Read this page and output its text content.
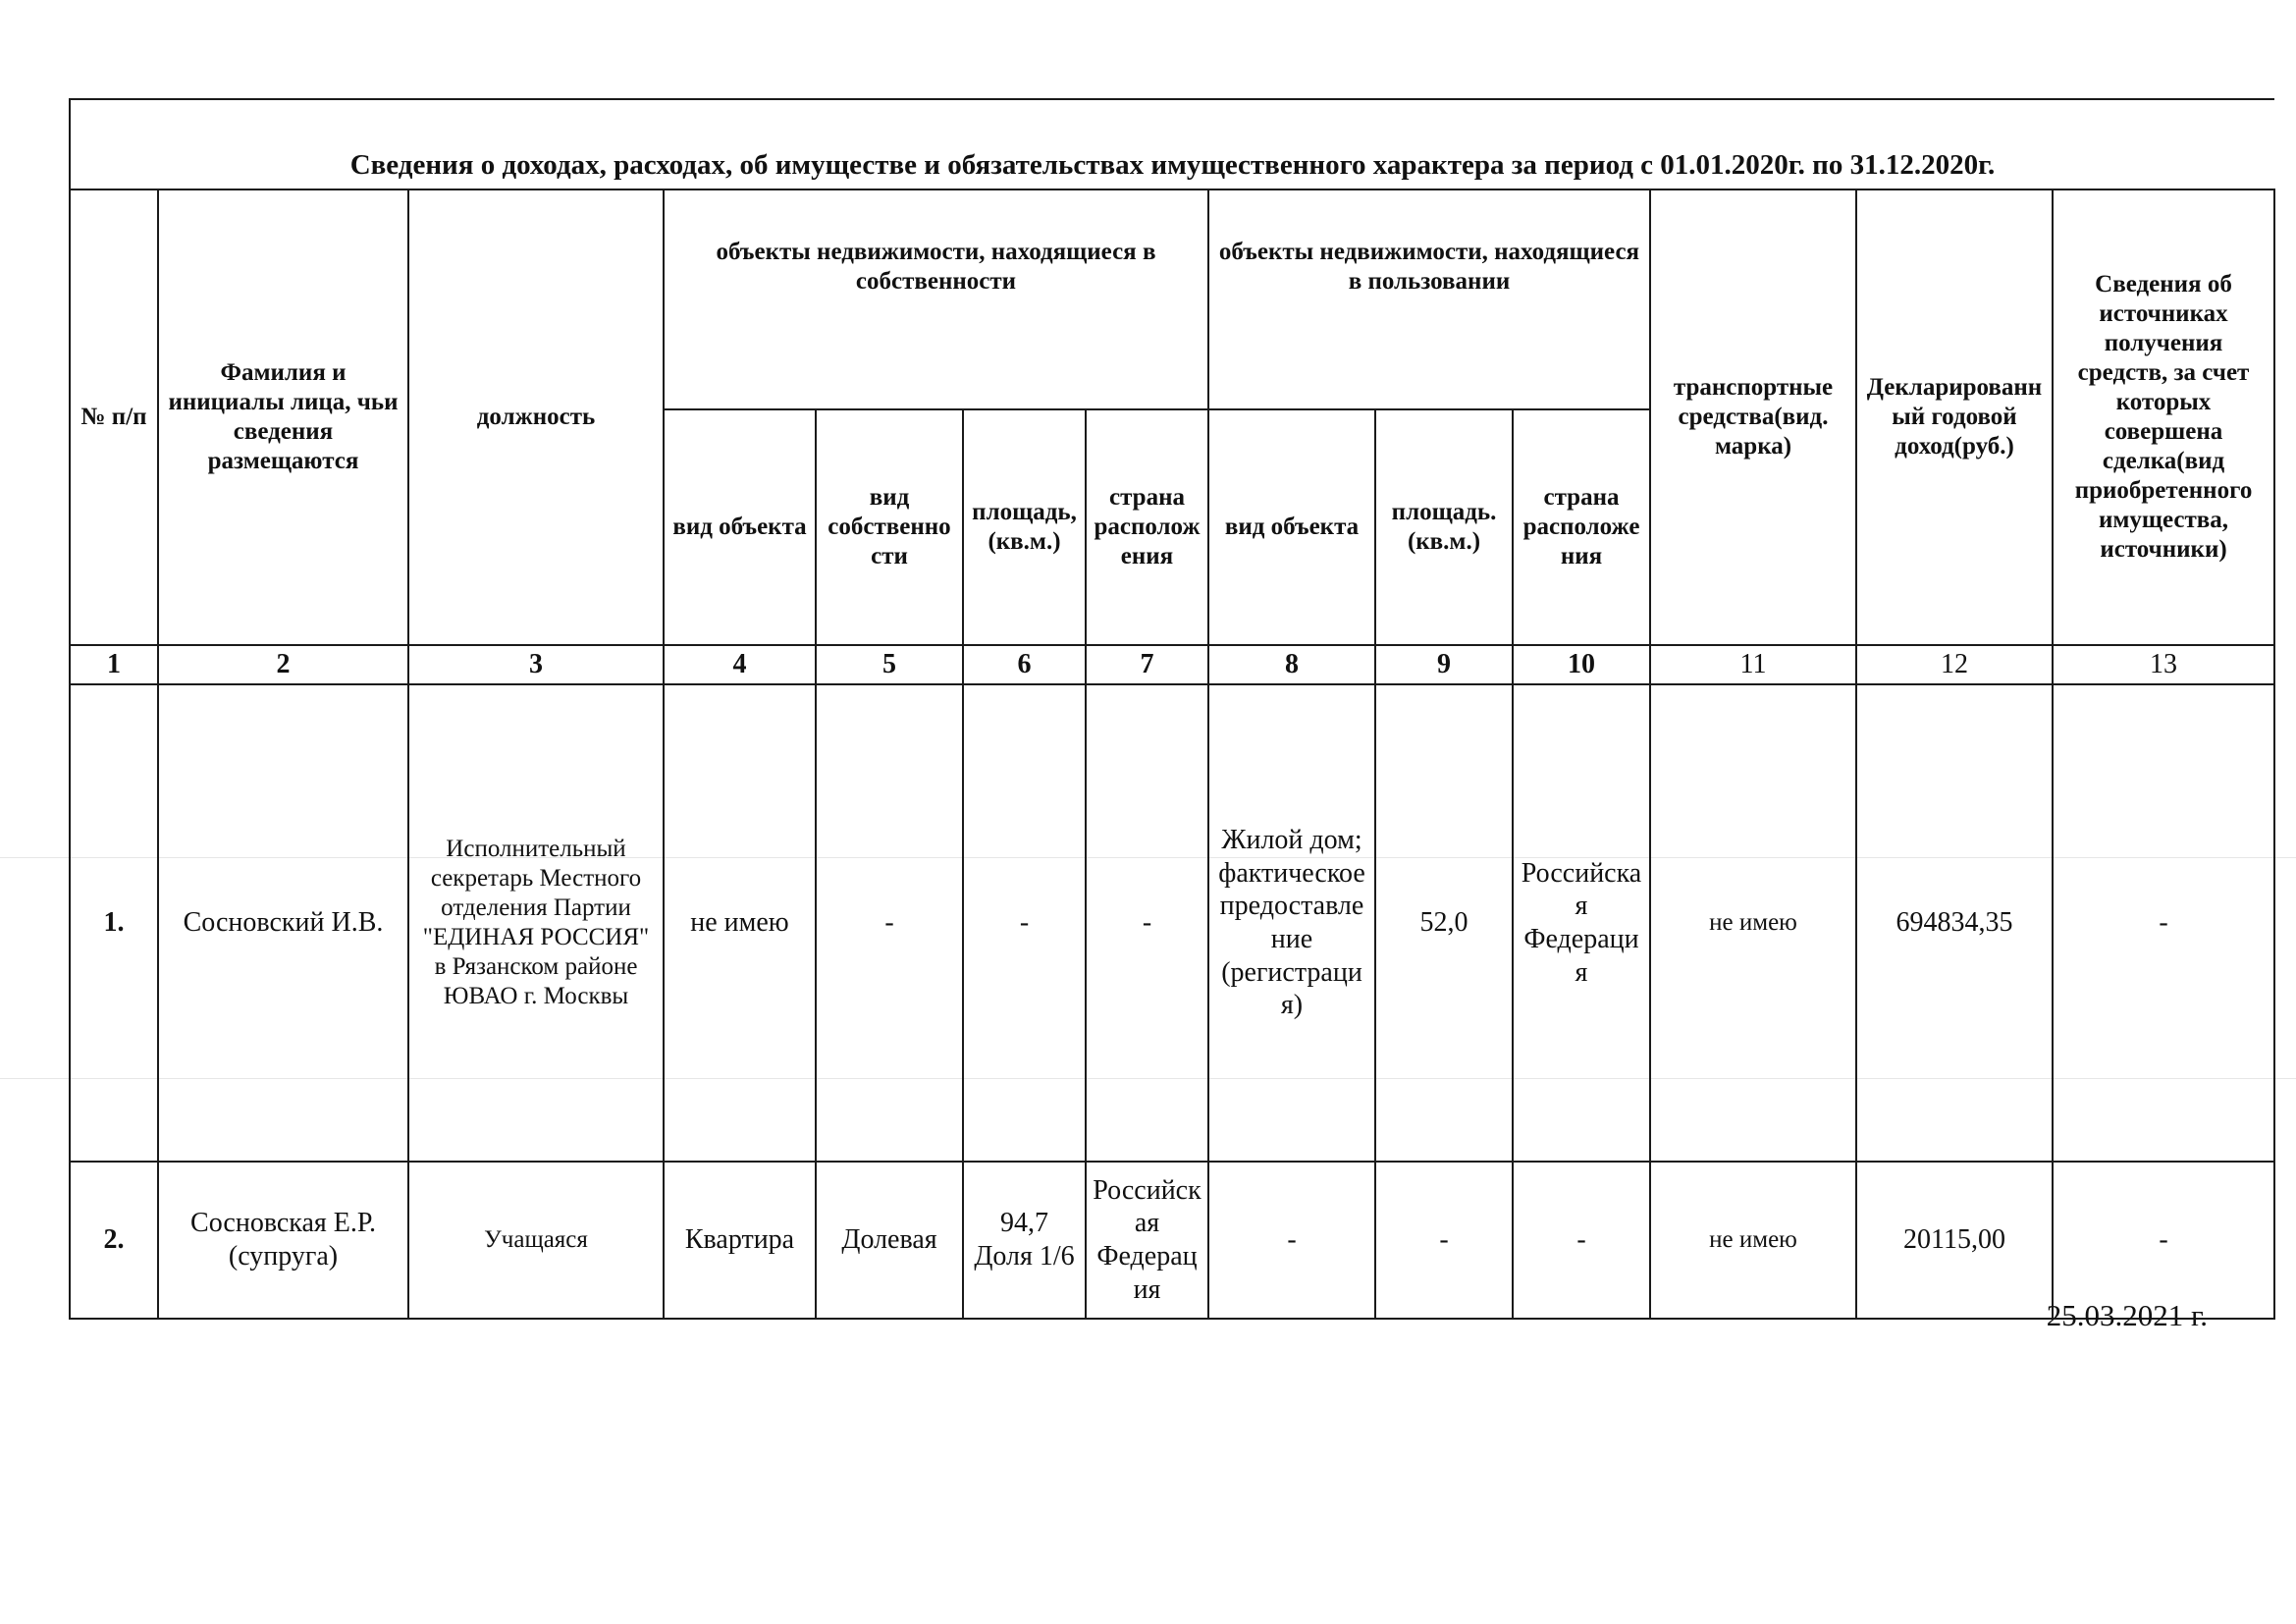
Сведения о доходах, расходах, об имуществе и обязательствах имущественного характера за период с 01.01.2020г. по 31.12.2020г.												
№ п/п	Фамилия и инициалы лица, чьи сведения размещаются	должность	объекты недвижимости, находящиеся в собственности				объекты недвижимости, находящиеся в пользовании			транспортные средства(вид. марка)	Декларированный годовой доход(руб.)	Сведения об источниках получения средств, за счет которых совершена сделка(вид приобретенного имущества, источники)
			вид объекта	вид собственности	площадь, (кв.м.)	страна расположения	вид объекта	площадь. (кв.м.)	страна расположения			
1	2	3	4	5	6	7	8	9	10	11	12	13
1.	Сосновский И.В.	Исполнительный секретарь Местного отделения Партии "ЕДИНАЯ РОССИЯ" в Рязанском районе ЮВАО г. Москвы	не имею	-	-	-	Жилой дом; фактическое предоставление (регистрация)	52,0	Российская Федерация	не имею	694834,35	-
2.	Сосновская Е.Р. (супруга)	Учащаяся	Квартира	Долевая	94,7 Доля 1/6	Российская Федерация	-	-	-	не имею	20115,00	-
25.03.2021 г.
